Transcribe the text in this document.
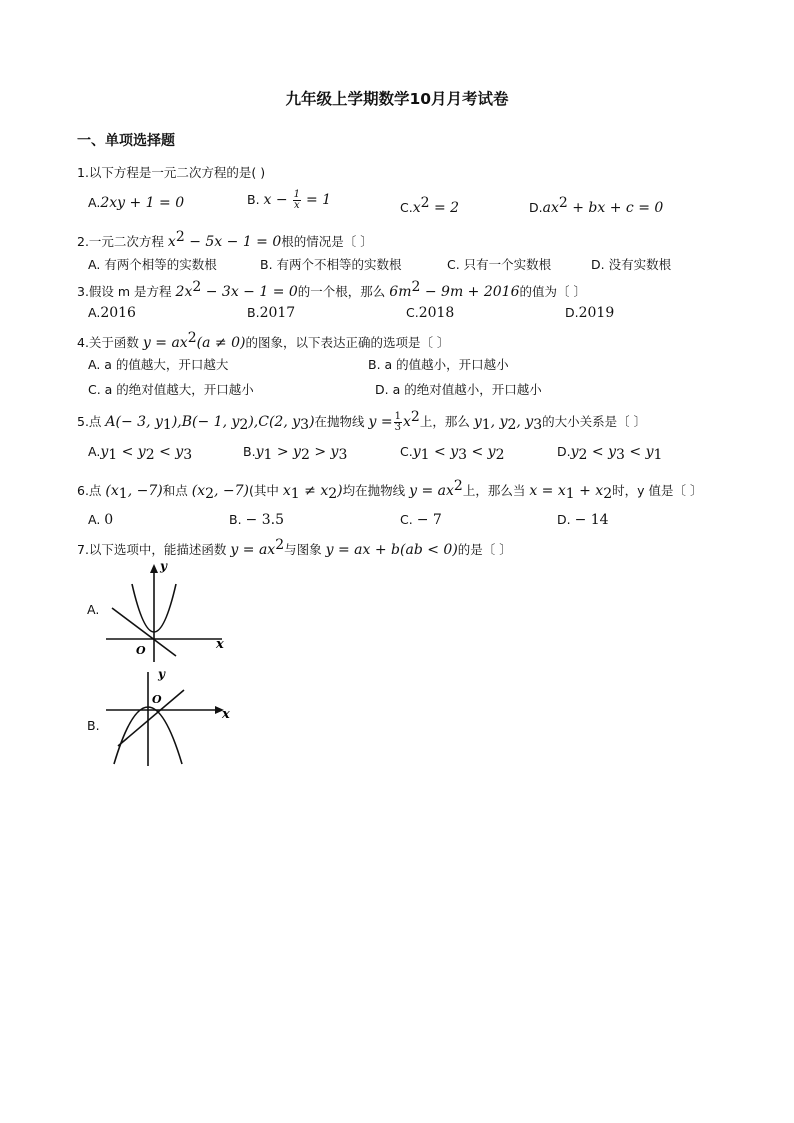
九年级上学期数学10月月考试卷
一、单项选择题
1.以下方程是一元二次方程的是( )
A.2xy + 1 = 0	B. $x - \frac{1}{x} = 1$	$C.x^2 = 2$	$D.ax^2$ + bx + c = 0
2.一元二次方程 $x^2 - 5x - 1 = 0$根的情况是〔 〕
A. 有两个相等的实数根	B. 有两个不相等的实数根	C. 只有一个实数根	D. 没有实数根
3.假设 m 是方程 $2x^2 - 3x - 1 = 0$的一个根，那么 $6m^2 - 9m + 2016$的值为〔 〕
A.2016	B.2017	C.2018	D.2019
4.关于函数 $y = ax^2(a \ne 0)$的图象，以下表达正确的选项是〔 〕
A. a 的值越大，开口越大	B. a 的值越小，开口越小
C. a 的绝对值越大，开口越小	D. a 的绝对值越小，开口越小
5.点 A(− 3, $y_1),B(- 1$, $y_2),C(2$, $y_3$)在抛物线 $y = \frac{1}{3} x^2$上，那么 $y_1$, $y_2$, $y_3$的大小关系是〔 〕
$A.y_1 < y_2 < y_3$	$B.y_1 > y_2 > y_3$	$C.y_1 < y_3 < y_2$	$D.y_2 < y_3 < y_1$
6.点 ($x_1$, −7)和点 ($x_2$, −7)(其中 $x_1 \ne x_2$)均在抛物线 $y = ax^2$上，那么当 $x = x_1 + x_2$时，y 值是〔 〕
A. 0	B. − 3.5	C. − 7	D. − 14
7.以下选项中，能描述函数 $y = ax^2$与图象 y = ax + b(ab < 0)的是〔 〕
A.
y
x
O
B.
y
x
O
